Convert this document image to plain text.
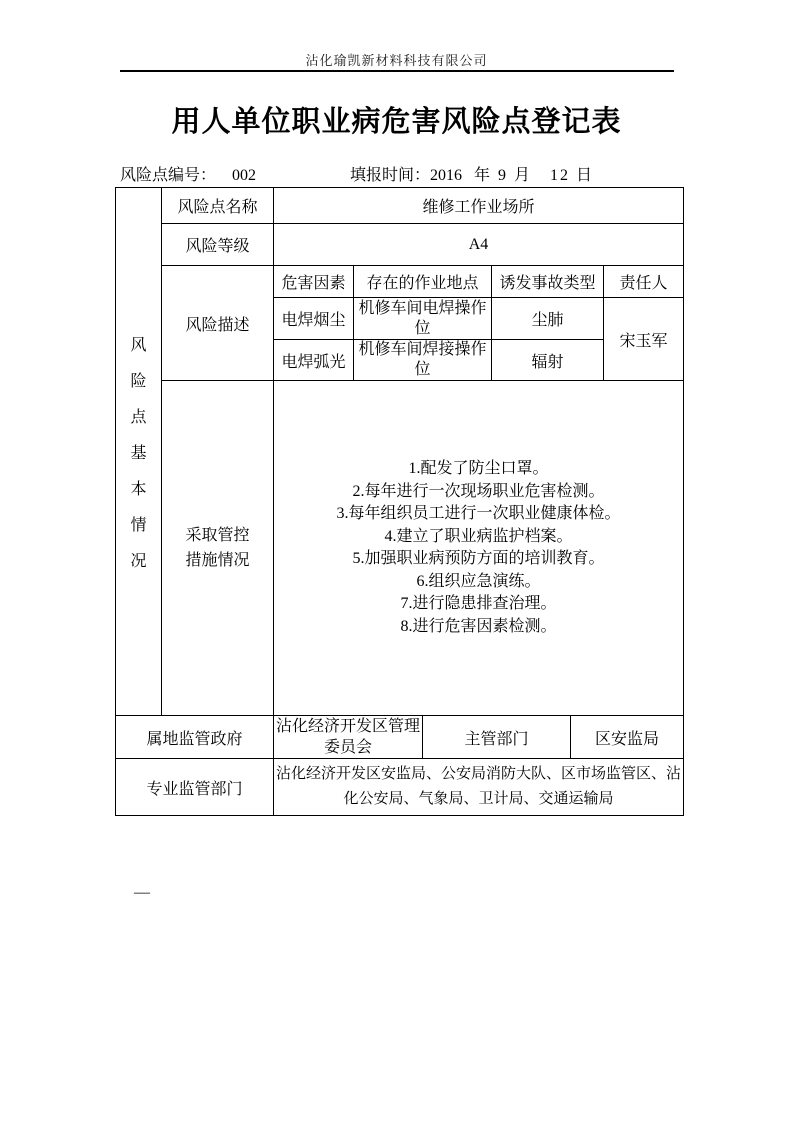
沾化瑜凯新材料科技有限公司
用人单位职业病危害风险点登记表
风险点编号： 002	填报时间：2016 年 9 月 12 日
风
险
点
基
本
情
况
	风险点名称	维修工作业场所
	风险等级	A4					
	风险描述	危害因素	存在的作业地点		诱发事故类型		责任人
		电焊烟尘	机修车间电焊操作位		尘肺		宋玉军
		电焊弧光	机修车间焊接操作位		辐射		

采取管控
措施情况

1.配发了防尘口罩。
2.每年进行一次现场职业危害检测。
3.每年组织员工进行一次职业健康体检。
4.建立了职业病监护档案。
5.加强职业病预防方面的培训教育。
6.组织应急演练。
7.进行隐患排查治理。
8.进行危害因素检测。

属地监管政府		沾化经济开发区管理委员会		主管部门		区安监局	
专业监管部门		沾化经济开发区安监局、公安局消防大队、区市场监管区、沾化公安局、气象局、卫计局、交通运输局					
—
